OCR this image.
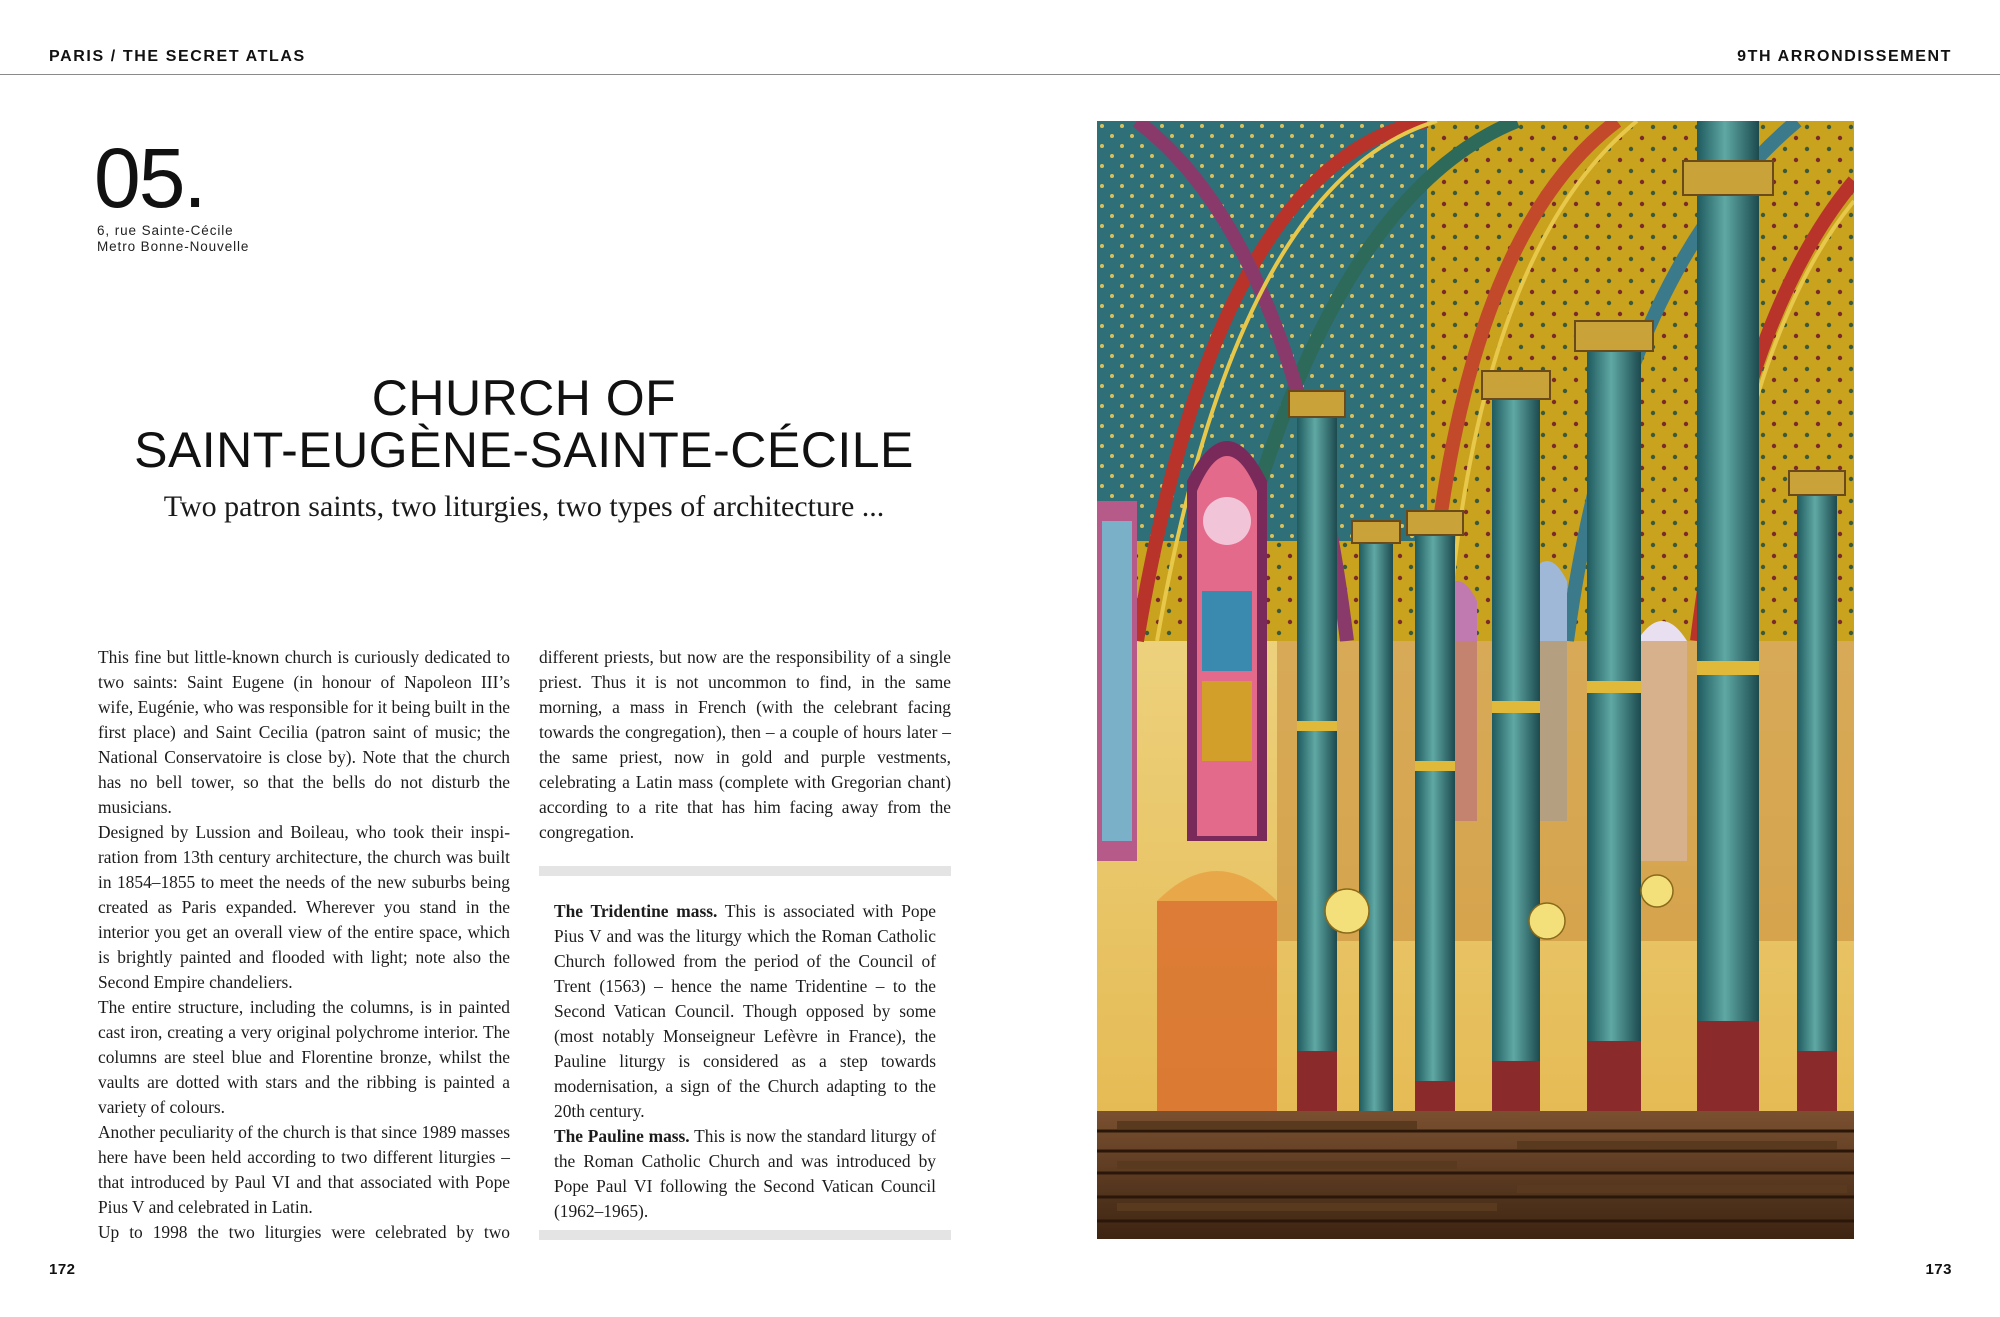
PARIS / THE SECRET ATLAS	9TH ARRONDISSEMENT
05.
6, rue Sainte-Cécile
Metro Bonne-Nouvelle
CHURCH OF
SAINT-EUGÈNE-SAINTE-CÉCILE
Two patron saints, two liturgies, two types of architecture ...

This fine but little-known church is curiously dedicated to two saints: Saint Eugene (in honour of Napoleon III’s wife, Eugénie, who was responsible for it being built in the first place) and Saint Cecilia (patron saint of music; the National Conservatoire is close by). Note that the church has no bell tower, so that the bells do not disturb the musicians.

Designed by Lussion and Boileau, who took their inspiration from 13th century architecture, the church was built in 1854–1855 to meet the needs of the new suburbs being created as Paris expanded. Wherever you stand in the interior you get an overall view of the entire space, which is brightly painted and flooded with light; note also the Second Empire chandeliers.

The entire structure, including the columns, is in painted cast iron, creating a very original polychrome interior. The columns are steel blue and Florentine bronze, whilst the vaults are dotted with stars and the ribbing is painted a variety of colours.

Another peculiarity of the church is that since 1989 masses here have been held according to two different liturgies – that introduced by Paul VI and that associated with Pope Pius V and celebrated in Latin.

Up to 1998 the two liturgies were celebrated by two

different priests, but now are the responsibility of a single priest. Thus it is not uncommon to find, in the same morning, a mass in French (with the celebrant facing towards the congregation), then – a couple of hours later – the same priest, now in gold and purple vestments, celebrating a Latin mass (complete with Gregorian chant) according to a rite that has him facing away from the congregation.

The Tridentine mass. This is associated with Pope Pius V and was the liturgy which the Roman Catholic Church followed from the period of the Council of Trent (1563) – hence the name Tridentine – to the Second Vatican Council. Though opposed by some (most notably Monseigneur Lefèvre in France), the Pauline liturgy is considered as a step towards modernisation, a sign of the Church adapting to the 20th century.

The Pauline mass. This is now the standard liturgy of the Roman Catholic Church and was introduced by Pope Paul VI following the Second Vatican Council (1962–1965).

172	173
